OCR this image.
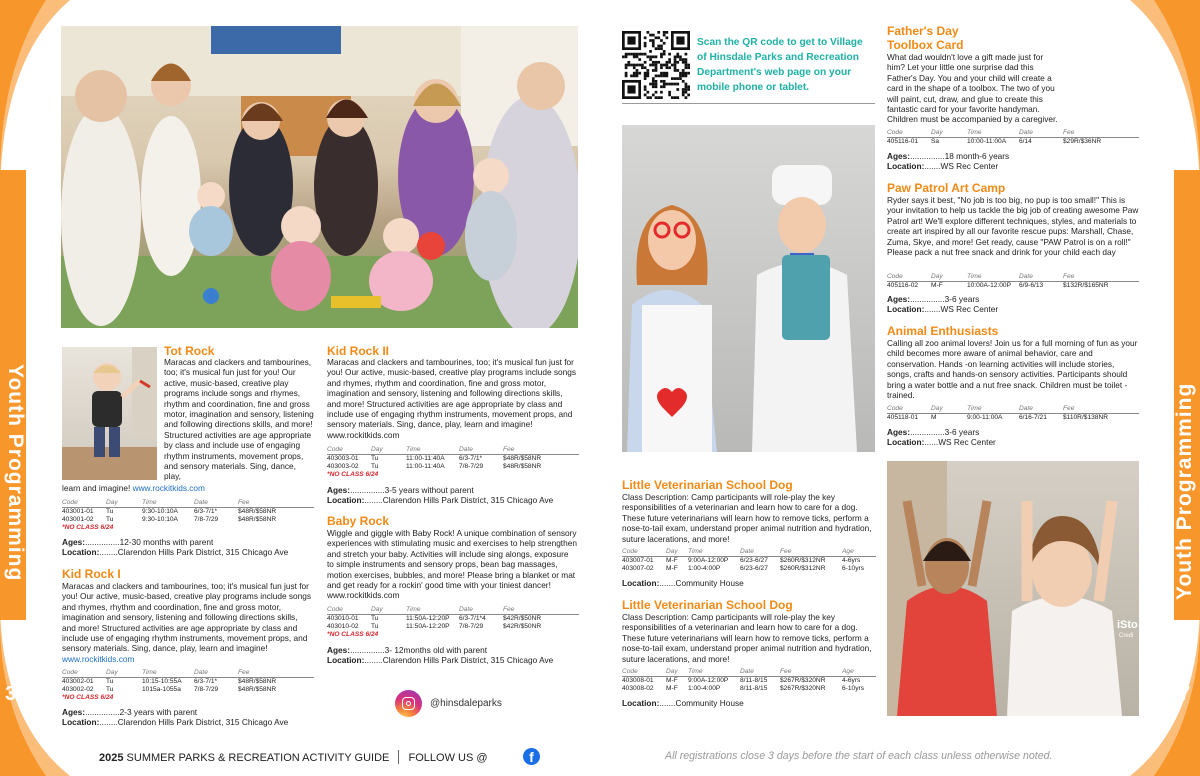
Youth Programming
36
Youth Programming
37
Tot Rock
Maracas and clackers and tambourines, too; it's musical fun just for you! Our active, music-based, creative play programs include songs and rhymes, rhythm and coordination, fine and gross motor, imagination and sensory, listening and following directions skills, and more! Structured activities are age appropriate by class and include use of engaging rhythm instruments, movement props, and sensory materials. Sing, dance, play,
learn and imagine! www.rockitkids.com
Code	Day	Time	Date	Fee
403001-01	Tu	9:30-10:10A	6/3-7/1*	$48R/$58NR
403001-02	Tu	9:30-10:10A	7/8-7/29	$48R/$58NR
*NO CLASS 6/24
Ages:...............12-30 months with parent
Location:........Clarendon Hills Park District, 315 Chicago Ave
Kid Rock I
Maracas and clackers and tambourines, too; it's musical fun just for you! Our active, music-based, creative play programs include songs and rhymes, rhythm and coordination, fine and gross motor, imagination and sensory, listening and following directions skills, and more! Structured activities are age appropriate by class and include use of engaging rhythm instruments, movement props, and sensory materials. Sing, dance, play, learn and imagine! www.rockitkids.com
Code	Day	Time	Date	Fee
403002-01	Tu	10:15-10:55A	6/3-7/1*	$48R/$58NR
403002-02	Tu	1015a-1055a	7/8-7/29	$48R/$58NR
*NO CLASS 6/24
Ages:...............2-3 years with parent
Location:........Clarendon Hills Park District, 315 Chicago Ave
Kid Rock II
Maracas and clackers and tambourines, too; it's musical fun just for you! Our active, music-based, creative play programs include songs and rhymes, rhythm and coordination, fine and gross motor, imagination and sensory, listening and following directions skills, and more! Structured activities are age appropriate by class and include use of engaging rhythm instruments, movement props, and sensory materials. Sing, dance, play, learn and imagine! www.rockitkids.com
Code	Day	Time	Date	Fee
403003-01	Tu	11:00-11:40A	6/3-7/1*	$48R/$58NR
403003-02	Tu	11:00-11:40A	7/8-7/29	$48R/$58NR
*NO CLASS 6/24
Ages:...............3-5 years without parent
Location:........Clarendon Hills Park District, 315 Chicago Ave
Baby Rock
Wiggle and giggle with Baby Rock! A unique combination of sensory experiences with stimulating music and exercises to help strengthen and stretch your baby. Activities will include sing alongs, exposure to simple instruments and sensory props, bean bag massages, motion exercises, bubbles, and more! Please bring a blanket or mat and get ready for a rockin' good time with your tiniest dancer! www.rockitkids.com
Code	Day	Time	Date	Fee
403010-01	Tu	11:50A-12:20P	6/3-7/1*4	$42R/$50NR
403010-02	Tu	11:50A-12:20P	7/8-7/29	$42R/$50NR
*NO CLASS 6/24
Ages:...............3- 12months old with parent
Location:........Clarendon Hills Park District, 315 Chicago Ave
@hinsdaleparks
Scan the QR code to get to Village of Hinsdale Parks and Recreation Department's web page on your mobile phone or tablet.
Little Veterinarian School Dog
Class Description: Camp participants will role-play the key responsibilities of a veterinarian and learn how to care for a dog. These future veterinarians will learn how to remove ticks, perform a nose-to-tail exam, understand proper animal nutrition and hydration, suture lacerations, and more!
Code	Day	Time	Date	Fee	Age
403007-01	M-F	9:00A-12:00P	6/23-6/27	$260R/$312NR	4-6yrs
403007-02	M-F	1:00-4:00P	6/23-6/27	$260R/$312NR	6-10yrs
Location:.......Community House
Little Veterinarian School Dog
Class Description: Camp participants will role-play the key responsibilities of a veterinarian and learn how to care for a dog. These future veterinarians will learn how to remove ticks, perform a nose-to-tail exam, understand proper animal nutrition and hydration, suture lacerations, and more!
Code	Day	Time	Date	Fee	Age
403008-01	M-F	9:00A-12:00P	8/11-8/15	$267R/$320NR	4-6yrs
403008-02	M-F	1:00-4:00P	8/11-8/15	$267R/$320NR	6-10yrs
Location:.......Community House
Father's Day
Toolbox Card
What dad wouldn't love a gift made just for him? Let your little one surprise dad this Father's Day. You and your child will create a card in the shape of a toolbox. The two of you will paint, cut, draw, and glue to create this fantastic card for your favorite handyman. Children must be accompanied by a caregiver.
Code	Day	Time	Date	Fee
405116-01	Sa	10:00-11:00A	6/14	$29R/$36NR
Ages:...............18 month-6 years
Location:.......WS Rec Center
Paw Patrol Art Camp
Ryder says it best, "No job is too big, no pup is too small!" This is your invitation to help us tackle the big job of creating awesome Paw Patrol art! We'll explore different techniques, styles, and materials to create art inspired by all our favorite rescue pups: Marshall, Chase, Zuma, Skye, and more! Get ready, cause "PAW Patrol is on a roll!" Please pack a nut free snack and drink for your child each day
Code	Day	Time	Date	Fee
405116-02	M-F	10:00A-12:00P	6/9-6/13	$132R/$165NR
Ages:...............3-6 years
Location:.......WS Rec Center
Animal Enthusiasts
Calling all zoo animal lovers! Join us for a full morning of fun as your child becomes more aware of animal behavior, care and conservation. Hands -on learning activities will include stories, songs, crafts and hands-on sensory activities. Participants should bring a water bottle and a nut free snack. Children must be toilet -trained.
Code	Day	Time	Date	Fee
405118-01	M	9:00-11:00A	6/16-7/21	$110R/$138NR
Ages:...............3-6 years
Location:......WS Rec Center
iSto
Credi
2025 SUMMER PARKS & RECREATION ACTIVITY GUIDE FOLLOW US @	f	All registrations close 3 days before the start of each class unless otherwise noted.
